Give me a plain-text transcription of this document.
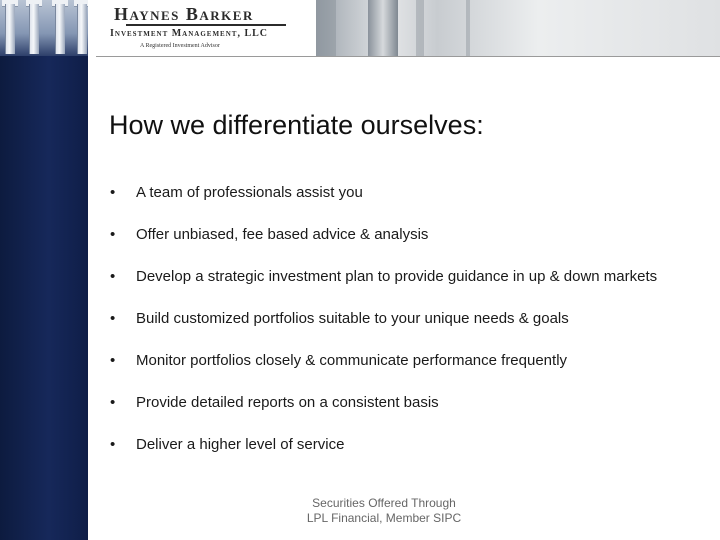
Haynes Barker
Investment Management, LLC
A Registered Investment Advisor
How we differentiate ourselves:
• A team of professionals assist you
• Offer unbiased, fee based advice & analysis
• Develop a strategic investment plan to provide guidance in up & down markets
• Build customized portfolios suitable to your unique needs & goals
• Monitor portfolios closely & communicate performance frequently
• Provide detailed reports on a consistent basis
• Deliver a higher level of service
Securities Offered Through
LPL Financial, Member SIPC
